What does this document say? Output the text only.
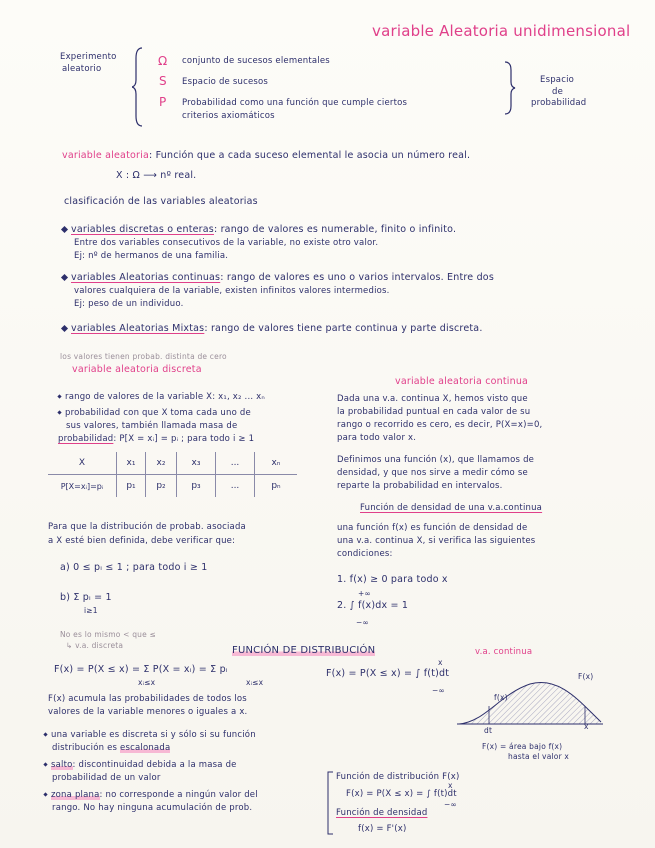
variable Aleatoria unidimensional
Experimento
aleatorio
Ω conjunto de sucesos elementales
S Espacio de sucesos
P Probabilidad como una función que cumple ciertos
criterios axiomáticos
Espacio
de
probabilidad
variable aleatoria: Función que a cada suceso elemental le asocia un número real.
X : Ω ⟶ nº real.
clasificación de las variables aleatorias
variables discretas o enteras: rango de valores es numerable, finito o infinito.
Entre dos variables consecutivos de la variable, no existe otro valor.
Ej: nº de hermanos de una familia.
variables Aleatorias continuas: rango de valores es uno o varios intervalos. Entre dos
valores cualquiera de la variable, existen infinitos valores intermedios.
Ej: peso de un individuo.
variables Aleatorias Mixtas: rango de valores tiene parte continua y parte discreta.
los valores tienen probab. distinta de cero
variable aleatoria discreta
rango de valores de la variable X: x₁, x₂ ... xₙ
probabilidad con que X toma cada uno de
sus valores, también llamada masa de
probabilidad: P[X = xᵢ] = pᵢ ; para todo i ≥ 1
X	x₁	x₂	x₃	...	xₙ
P[X=xᵢ]=pᵢ	p₁	p₂	p₃	...	pₙ
Para que la distribución de probab. asociada
a X esté bien definida, debe verificar que:
a) 0 ≤ pᵢ ≤ 1 ; para todo i ≥ 1
b) Σ pᵢ = 1
i≥1
variable aleatoria continua
Dada una v.a. continua X, hemos visto que
la probabilidad puntual en cada valor de su
rango o recorrido es cero, es decir, P(X=x)=0,
para todo valor x.
Definimos una función (x), que llamamos de
densidad, y que nos sirve a medir cómo se
reparte la probabilidad en intervalos.
Función de densidad de una v.a.continua
una función f(x) es función de densidad de
una v.a. continua X, si verifica las siguientes
condiciones:
1. f(x) ≥ 0 para todo x
2. ∫ f(x)dx = 1
+∞
−∞
No es lo mismo < que ≤
↳ v.a. discreta	FUNCIÓN DE DISTRIBUCIÓN	v.a. continua
F(x) = P(X ≤ x) = Σ P(X = xᵢ) = Σ pᵢ
xᵢ≤x	xᵢ≤x
F(x) acumula las probabilidades de todos los
valores de la variable menores o iguales a x.
una variable es discreta si y sólo si su función
distribución es escalonada
salto: discontinuidad debida a la masa de
probabilidad de un valor
zona plana: no corresponde a ningún valor del
rango. No hay ninguna acumulación de prob.
F(x) = P(X ≤ x) = ∫ f(t)dt
x
−∞
f(x)
F(x)
dt	x
F(x) = área bajo f(x)
hasta el valor x
Función de distribución F(x)
F(x) = P(X ≤ x) = ∫ f(t)dt
x
−∞
Función de densidad
f(x) = F'(x)
